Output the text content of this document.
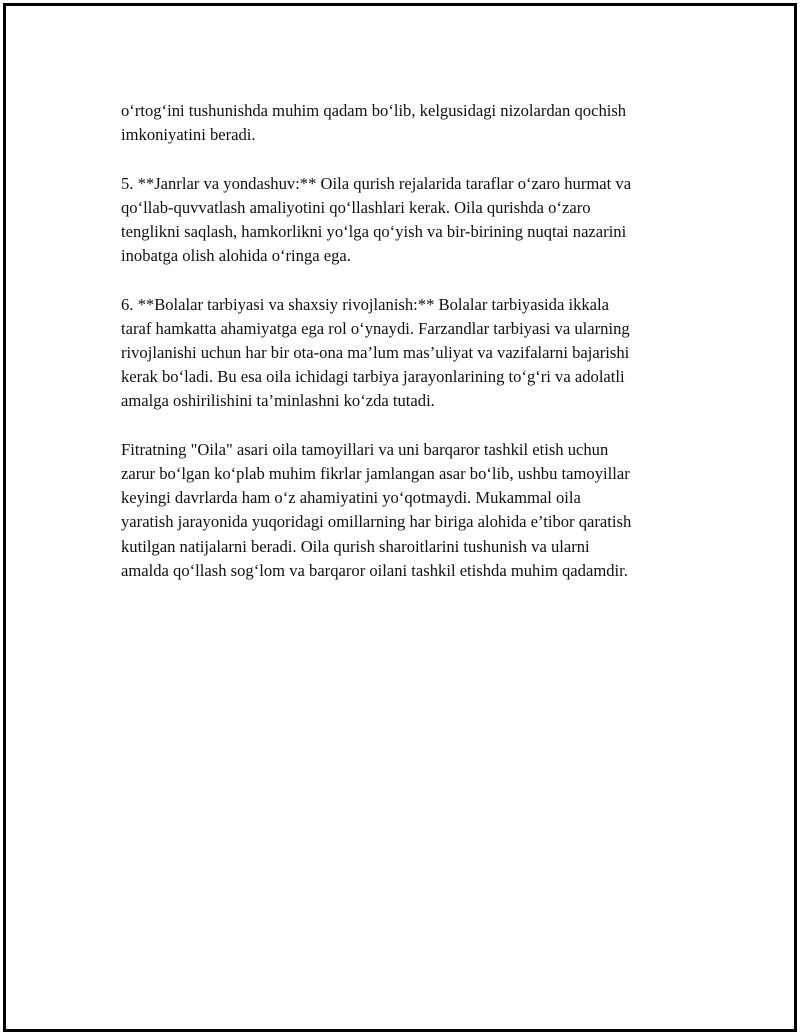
o‘rtog‘ini tushunishda muhim qadam bo‘lib, kelgusidagi nizolardan qochish
imkoniyatini beradi.

5. **Janrlar va yondashuv:** Oila qurish rejalarida taraflar o‘zaro hurmat va
qo‘llab-quvvatlash amaliyotini qo‘llashlari kerak. Oila qurishda o‘zaro
tenglikni saqlash, hamkorlikni yo‘lga qo‘yish va bir-birining nuqtai nazarini
inobatga olish alohida o‘ringa ega.

6. **Bolalar tarbiyasi va shaxsiy rivojlanish:** Bolalar tarbiyasida ikkala
taraf hamkatta ahamiyatga ega rol o‘ynaydi. Farzandlar tarbiyasi va ularning
rivojlanishi uchun har bir ota-ona ma’lum mas’uliyat va vazifalarni bajarishi
kerak bo‘ladi. Bu esa oila ichidagi tarbiya jarayonlarining to‘g‘ri va adolatli
amalga oshirilishini ta’minlashni ko‘zda tutadi.

Fitratning "Oila" asari oila tamoyillari va uni barqaror tashkil etish uchun
zarur bo‘lgan ko‘plab muhim fikrlar jamlangan asar bo‘lib, ushbu tamoyillar
keyingi davrlarda ham o‘z ahamiyatini yo‘qotmaydi. Mukammal oila
yaratish jarayonida yuqoridagi omillarning har biriga alohida e’tibor qaratish
kutilgan natijalarni beradi. Oila qurish sharoitlarini tushunish va ularni
amalda qo‘llash sog‘lom va barqaror oilani tashkil etishda muhim qadamdir.
